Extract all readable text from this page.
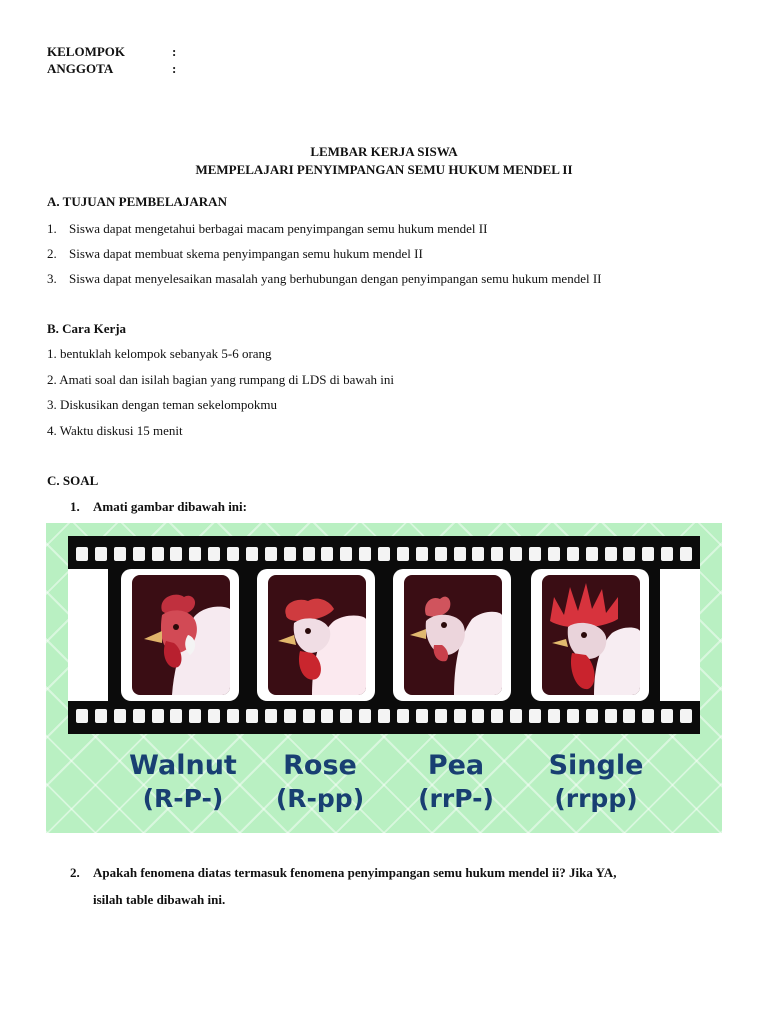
KELOMPOK	:
ANGGOTA	:
LEMBAR KERJA SISWA
MEMPELAJARI PENYIMPANGAN SEMU HUKUM MENDEL II
A. TUJUAN PEMBELAJARAN
1. Siswa dapat mengetahui berbagai macam penyimpangan semu hukum mendel II
2. Siswa dapat membuat skema penyimpangan semu hukum mendel II
3. Siswa dapat menyelesaikan masalah yang berhubungan dengan penyimpangan semu hukum mendel II
B. Cara Kerja
1. bentuklah kelompok sebanyak 5-6 orang
2. Amati soal dan isilah bagian yang rumpang di LDS di bawah ini
3. Diskusikan dengan teman sekelompokmu
4. Waktu diskusi 15 menit
C. SOAL
1. Amati gambar dibawah ini:
Walnut
(R-P-)
Rose
(R-pp)
Pea
(rrP-)
Single
(rrpp)
2. Apakah fenomena diatas termasuk fenomena penyimpangan semu hukum mendel ii? Jika YA,
isilah table dibawah ini.
